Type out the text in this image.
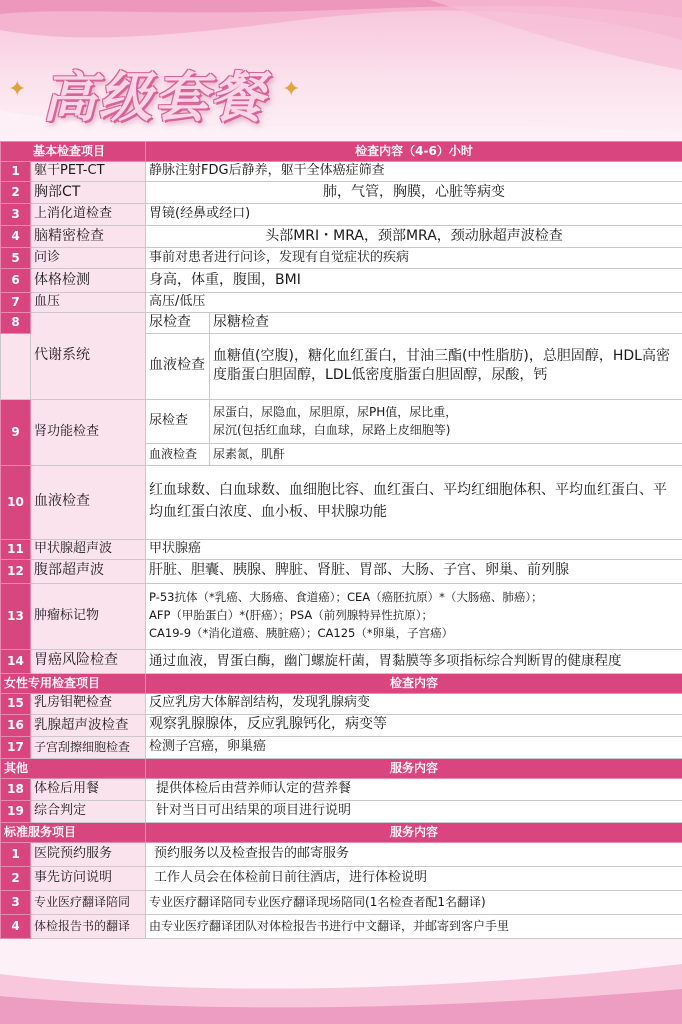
✦ 高级套餐 ✦
基本检查项目		检查内容（4-6）小时	
1	躯干PET-CT	静脉注射FDG后静养，躯干全体癌症筛查	
2	胸部CT	肺，气管，胸膜，心脏等病变	
3	上消化道检查	胃镜(经鼻或经口)	
4	脑精密检查	头部MRI・MRA，颈部MRA，颈动脉超声波检查	
5	问诊	事前对患者进行问诊，发现有自觉症状的疾病	
6	体格检测	身高，体重，腹围，BMI	
7	血压	高压/低压	
8	代谢系统	尿检查	尿糖检查
		血液检查	血糖值(空腹)，糖化血红蛋白，甘油三酯(中性脂肪)，总胆固醇，HDL高密度脂蛋白胆固醇，LDL低密度脂蛋白胆固醇，尿酸，钙
9	肾功能检查	尿检查	尿蛋白，尿隐血，尿胆原，尿PH值，尿比重，
尿沉(包括红血球，白血球，尿路上皮细胞等)

		血液检查	尿素氮，肌酐
10	血液检查	红血球数、白血球数、血细胞比容、血红蛋白、平均红细胞体积、平均血红蛋白、平均血红蛋白浓度、血小板、甲状腺功能	
11	甲状腺超声波	甲状腺癌	
12	腹部超声波	肝脏、胆囊、胰腺、脾脏、肾脏、胃部、大肠、子宫、卵巢、前列腺	
13	肿瘤标记物	P-53抗体（*乳癌、大肠癌、食道癌）；CEA（癌胚抗原）*（大肠癌、肺癌）；
AFP（甲胎蛋白）*(肝癌）；PSA（前列腺特异性抗原）；
CA19-9（*消化道癌、胰脏癌）；CA125（*卵巢，子宫癌）	

14	胃癌风险检查	通过血液，胃蛋白酶，幽门螺旋杆菌，胃黏膜等多项指标综合判断胃的健康程度	
女性专用检查项目		检查内容	
15	乳房钼靶检查	反应乳房大体解剖结构，发现乳腺病变	
16	乳腺超声波检查	观察乳腺腺体，反应乳腺钙化，病变等	
17	子宫刮擦细胞检查	检测子宫癌，卵巢癌	
其他		服务内容	
18	体检后用餐	提供体检后由营养师认定的营养餐	
19	综合判定	针对当日可出结果的项目进行说明	
标准服务项目		服务内容	
1	医院预约服务	预约服务以及检查报告的邮寄服务	
2	事先访问说明	工作人员会在体检前日前往酒店，进行体检说明	
3	专业医疗翻译陪同	专业医疗翻译陪同专业医疗翻译现场陪同(1名检查者配1名翻译)	
4	体检报告书的翻译	由专业医疗翻译团队对体检报告书进行中文翻译，并邮寄到客户手里	
